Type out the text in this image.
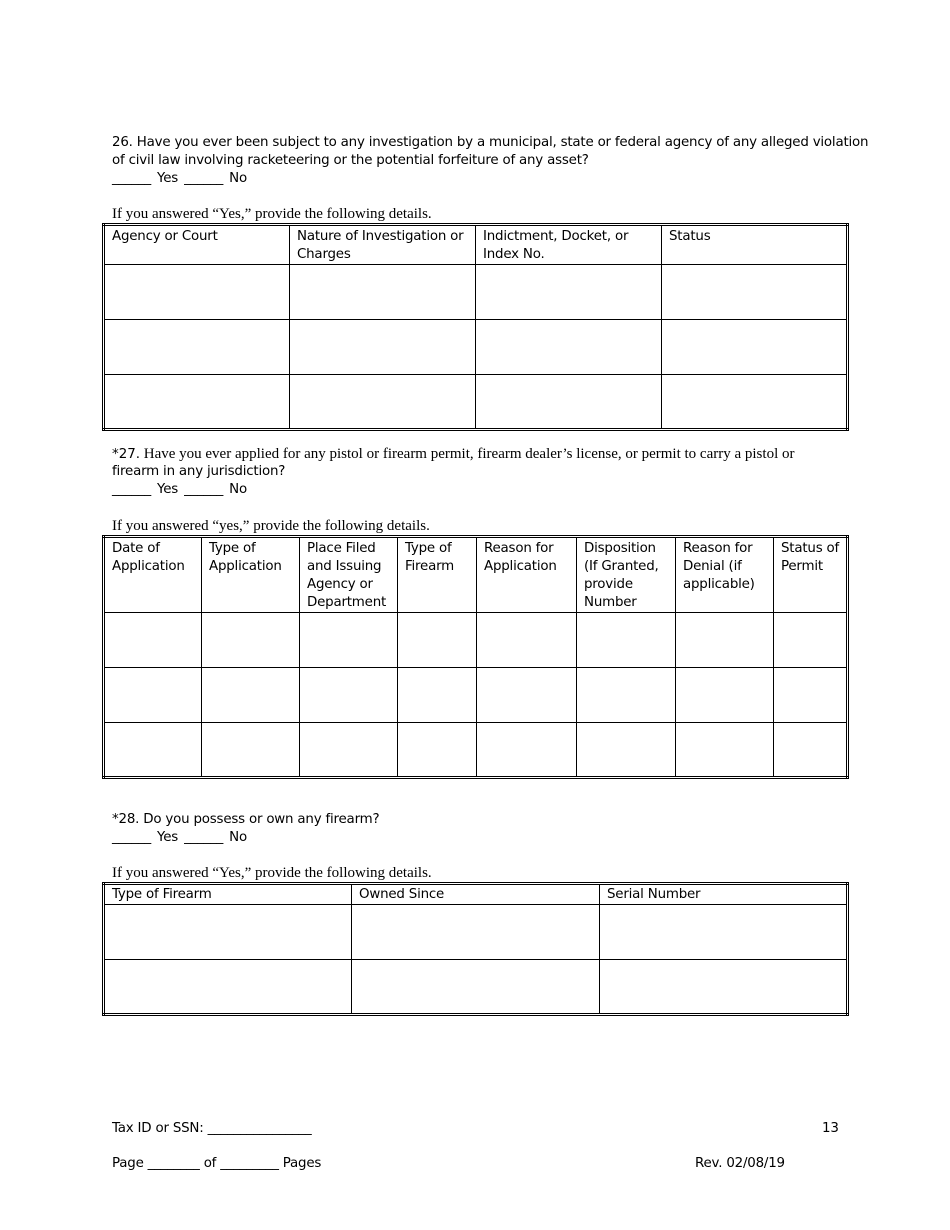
26. Have you ever been subject to any investigation by a municipal, state or federal agency of any alleged violation
of civil law involving racketeering or the potential forfeiture of any asset?
______ Yes ______ No
If you answered “Yes,” provide the following details.
Agency or Court	Nature of Investigation or Charges	Indictment, Docket, or Index No.	Status

*27. Have you ever applied for any pistol or firearm permit, firearm dealer’s license, or permit to carry a pistol or
firearm in any jurisdiction?
______ Yes ______ No
If you answered “yes,” provide the following details.
Date of Application	Type of Application	Place Filed and Issuing Agency or Department	Type of Firearm	Reason for Application	Disposition (If Granted, provide Number	Reason for Denial (if applicable)	Status of Permit

*28. Do you possess or own any firearm?
______ Yes ______ No
If you answered “Yes,” provide the following details.
Type of Firearm	Owned Since	Serial Number

Tax ID or SSN: ________________	13
Page ________ of _________ Pages	Rev. 02/08/19
